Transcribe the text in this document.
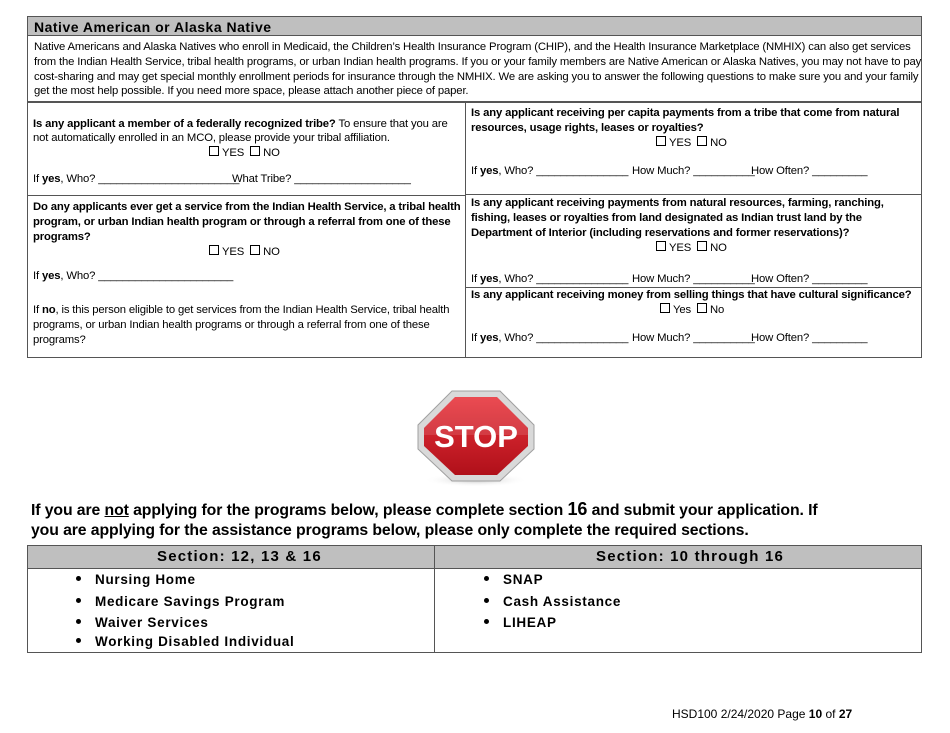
Native American or Alaska Native
Native Americans and Alaska Natives who enroll in Medicaid, the Children’s Health Insurance Program (CHIP), and the Health Insurance Marketplace (NMHIX) can also get services
from the Indian Health Service, tribal health programs, or urban Indian health programs. If you or your family members are Native American or Alaska Natives, you may not have to pay
cost-sharing and may get special monthly enrollment periods for insurance through the NMHIX. We are asking you to answer the following questions to make sure you and your family
get the most help possible. If you need more space, please attach another piece of paper.
Is any applicant a member of a federally recognized tribe? To ensure that you are
not automatically enrolled in an MCO, please provide your tribal affiliation.
YES NO
If yes, Who? _______________________
What Tribe? ___________________
Is any applicant receiving per capita payments from a tribe that come from natural
resources, usage rights, leases or royalties?
YES NO
If yes, Who? _______________ How Much? __________
How Often? _________
Do any applicants ever get a service from the Indian Health Service, a tribal health
program, or urban Indian health program or through a referral from one of these
programs?
YES NO
If yes, Who? ______________________
If no, is this person eligible to get services from the Indian Health Service, tribal health
programs, or urban Indian health programs or through a referral from one of these
programs?
Is any applicant receiving payments from natural resources, farming, ranching,
fishing, leases or royalties from land designated as Indian trust land by the
Department of Interior (including reservations and former reservations)?
YES NO
If yes, Who? _______________ How Much? __________
How Often? _________
Is any applicant receiving money from selling things that have cultural significance?
Yes No
If yes, Who? _______________ How Much? __________
How Often? _________
STOP
If you are not applying for the programs below, please complete section 16 and submit your application. If
you are applying for the assistance programs below, please only complete the required sections.
Section: 12, 13 & 16	Section: 10 through 16
Nursing Home
Medicare Savings Program
Waiver Services
Working Disabled Individual
SNAP
Cash Assistance
LIHEAP
HSD100 2/24/2020 Page 10 of 27
